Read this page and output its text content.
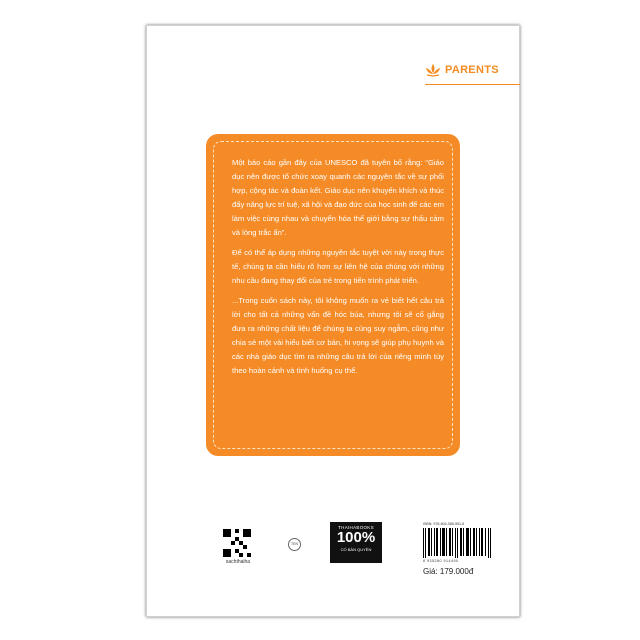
PARENTS

Một báo cáo gần đây của UNESCO đã tuyên bố rằng: “Giáo dục nên được tổ chức xoay quanh các nguyên tắc về sự phối hợp, cộng tác và đoàn kết. Giáo dục nên khuyến khích và thúc đẩy năng lực trí tuệ, xã hội và đạo đức của học sinh để các em làm việc cùng nhau và chuyển hóa thế giới bằng sự thấu cảm và lòng trắc ẩn”.

Để có thể áp dụng những nguyên tắc tuyệt vời này trong thực tế, chúng ta cần hiểu rõ hơn sự liên hệ của chúng với những nhu cầu đang thay đổi của trẻ trong tiến trình phát triển.

...Trong cuốn sách này, tôi không muốn ra vẻ biết hết câu trả lời cho tất cả những vấn đề hóc búa, nhưng tôi sẽ cố gắng đưa ra những chất liệu để chúng ta cùng suy ngẫm, cũng như chia sẻ một vài hiểu biết cơ bản, hi vọng sẽ giúp phụ huynh và các nhà giáo dục tìm ra những câu trả lời của riêng mình tùy theo hoàn cảnh và tình huống cụ thể.

sachthaiha
TEN
THAIHABOOKS
100%
CÓ BẢN QUYỀN
ISBN: 978-604-385-951-5
8 935280 914490
Giá: 179.000đ
